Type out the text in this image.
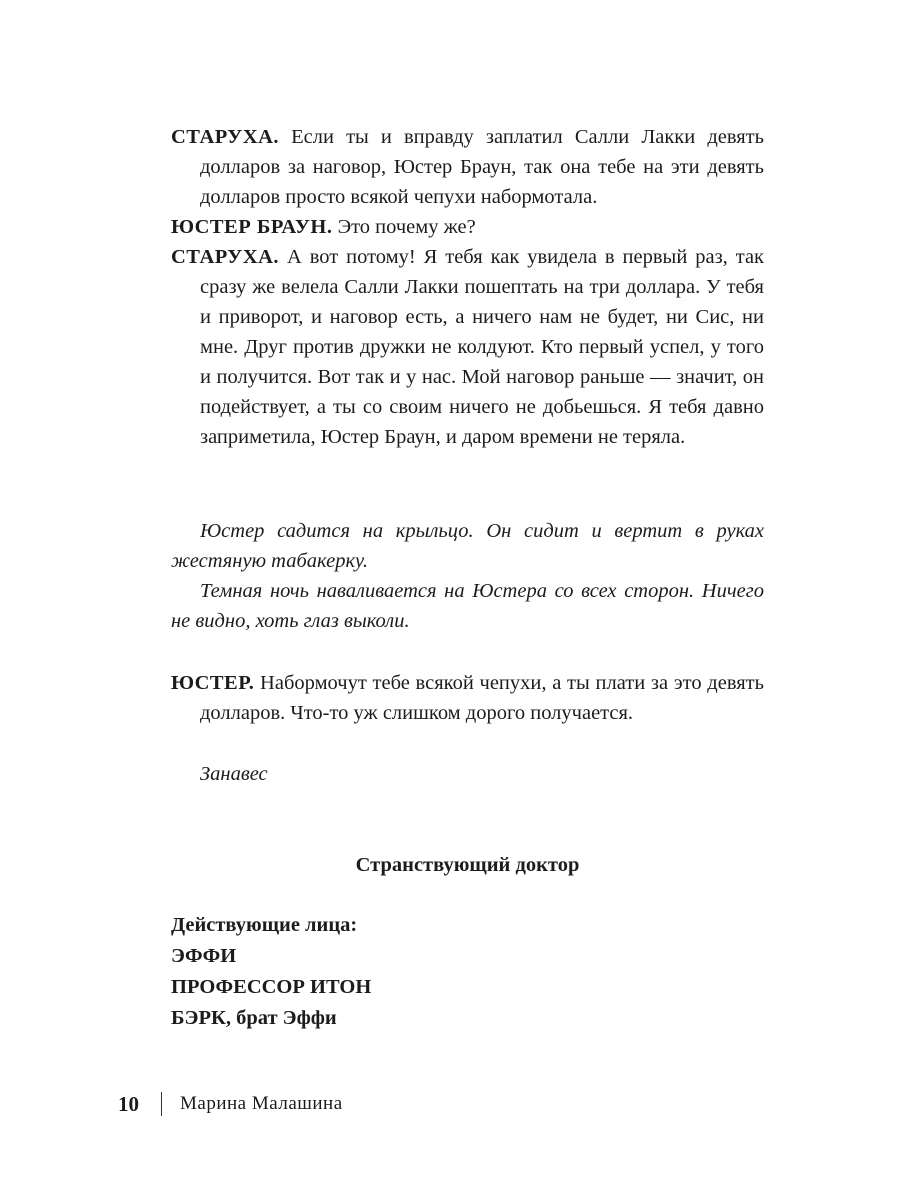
СТАРУХА. Если ты и вправду заплатил Салли Лакки девять долларов за наговор, Юстер Браун, так она тебе на эти девять долларов просто всякой чепухи набормотала.

ЮСТЕР БРАУН. Это почему же?

СТАРУХА. А вот потому! Я тебя как увидела в первый раз, так сразу же велела Салли Лакки пошептать на три доллара. У тебя и приворот, и наговор есть, а ничего нам не будет, ни Сис, ни мне. Друг против дружки не колдуют. Кто первый успел, у того и получится. Вот так и у нас. Мой наговор раньше — значит, он подействует, а ты со своим ничего не добьешься. Я тебя давно заприметила, Юстер Браун, и даром времени не теряла.

Юстер садится на крыльцо. Он сидит и вертит в руках жестяную табакерку.

Темная ночь наваливается на Юстера со всех сторон. Ничего не видно, хоть глаз выколи.

ЮСТЕР. Набормочут тебе всякой чепухи, а ты плати за это девять долларов. Что-то уж слишком дорого получается.

Занавес

Странствующий доктор
Действующие лица:
ЭФФИ
ПРОФЕССОР ИТОН
БЭРК, брат Эффи
10 Марина Малашина
